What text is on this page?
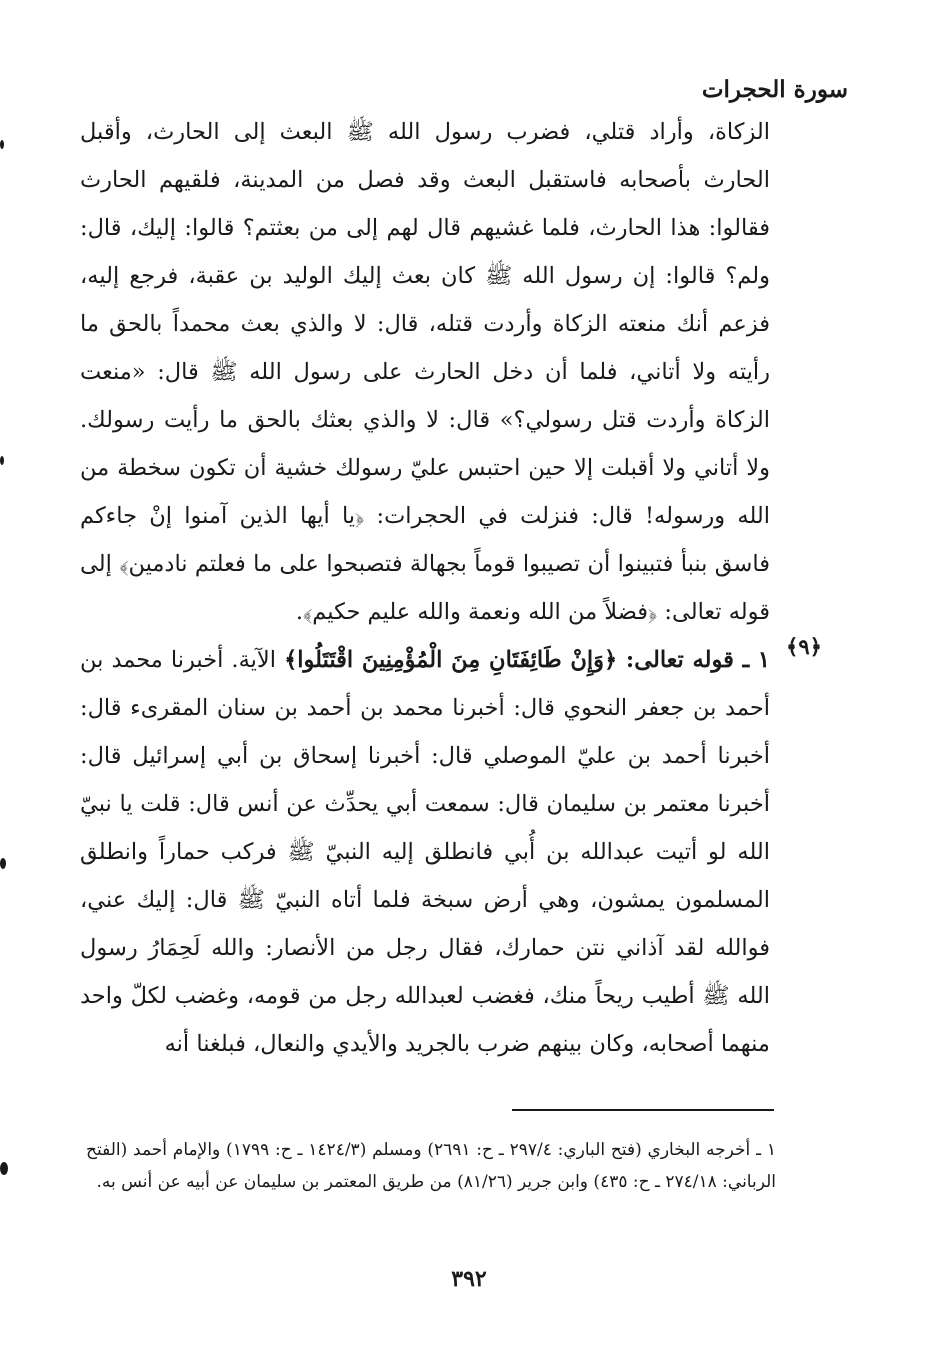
سورة الحجرات

الزكاة، وأراد قتلي، فضرب رسول الله ﷺ البعث إلى الحارث، وأقبل الحارث بأصحابه فاستقبل البعث وقد فصل من المدينة، فلقيهم الحارث فقالوا: هذا الحارث، فلما غشيهم قال لهم إلى من بعثتم؟ قالوا: إليك، قال: ولم؟ قالوا: إن رسول الله ﷺ كان بعث إليك الوليد بن عقبة، فرجع إليه، فزعم أنك منعته الزكاة وأردت قتله، قال: لا والذي بعث محمداً بالحق ما رأيته ولا أتاني، فلما أن دخل الحارث على رسول الله ﷺ قال: «منعت الزكاة وأردت قتل رسولي؟» قال: لا والذي بعثك بالحق ما رأيت رسولك. ولا أتاني ولا أقبلت إلا حين احتبس عليّ رسولك خشية أن تكون سخطة من الله ورسوله! قال: فنزلت في الحجرات: ﴿يا أيها الذين آمنوا إنْ جاءكم فاسق بنبأ فتبينوا أن تصيبوا قوماً بجهالة فتصبحوا على ما فعلتم نادمين﴾ إلى قوله تعالى: ﴿فضلاً من الله ونعمة والله عليم حكيم﴾.

١ ـ قوله تعالى: ﴿وَإِنْ طَائِفَتَانِ مِنَ الْمُؤْمِنِينَ اقْتَتَلُوا﴾ الآية. أخبرنا محمد بن أحمد بن جعفر النحوي قال: أخبرنا محمد بن أحمد بن سنان المقرىء قال: أخبرنا أحمد بن عليّ الموصلي قال: أخبرنا إسحاق بن أبي إسرائيل قال: أخبرنا معتمر بن سليمان قال: سمعت أبي يحدِّث عن أنس قال: قلت يا نبيّ الله لو أتيت عبدالله بن أُبي فانطلق إليه النبيّ ﷺ فركب حماراً وانطلق المسلمون يمشون، وهي أرض سبخة فلما أتاه النبيّ ﷺ قال: إليك عني، فوالله لقد آذاني نتن حمارك، فقال رجل من الأنصار: والله لَحِمَارُ رسول الله ﷺ أطيب ريحاً منك، فغضب لعبدالله رجل من قومه، وغضب لكلّ واحد منهما أصحابه، وكان بينهم ضرب بالجريد والأيدي والنعال، فبلغنا أنه

﴿٩﴾
١ ـ أخرجه البخاري (فتح الباري: ٢٩٧/٤ ـ ح: ٢٦٩١) ومسلم (١٤٢٤/٣ ـ ح: ١٧٩٩) والإمام أحمد (الفتح الرباني: ٢٧٤/١٨ ـ ح: ٤٣٥) وابن جرير (٨١/٢٦) من طريق المعتمر بن سليمان عن أبيه عن أنس به.
٣٩٢
